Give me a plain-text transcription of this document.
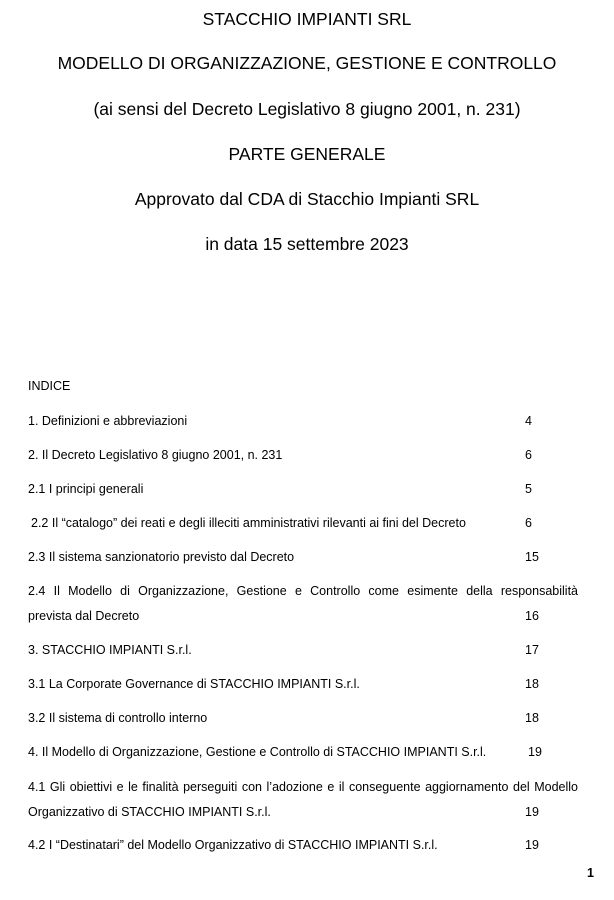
STACCHIO IMPIANTI SRL
MODELLO DI ORGANIZZAZIONE, GESTIONE E CONTROLLO
(ai sensi del Decreto Legislativo 8 giugno 2001, n. 231)
PARTE GENERALE
Approvato dal CDA di Stacchio Impianti SRL
in data 15 settembre 2023
INDICE
1. Definizioni e abbreviazioni	4
2. Il Decreto Legislativo 8 giugno 2001, n. 231	6
2.1 I principi generali	5
2.2 Il “catalogo” dei reati e degli illeciti amministrativi rilevanti ai fini del Decreto	6
2.3 Il sistema sanzionatorio previsto dal Decreto	15
2.4 Il Modello di Organizzazione, Gestione e Controllo come esimente della responsabilità
prevista dal Decreto	16
3. STACCHIO IMPIANTI S.r.l.	17
3.1 La Corporate Governance di STACCHIO IMPIANTI S.r.l.	18
3.2 Il sistema di controllo interno	18
4. Il Modello di Organizzazione, Gestione e Controllo di STACCHIO IMPIANTI S.r.l.	19
4.1 Gli obiettivi e le finalità perseguiti con l’adozione e il conseguente aggiornamento del Modello
Organizzativo di STACCHIO IMPIANTI S.r.l.	19
4.2 I “Destinatari” del Modello Organizzativo di STACCHIO IMPIANTI S.r.l.	19
1
